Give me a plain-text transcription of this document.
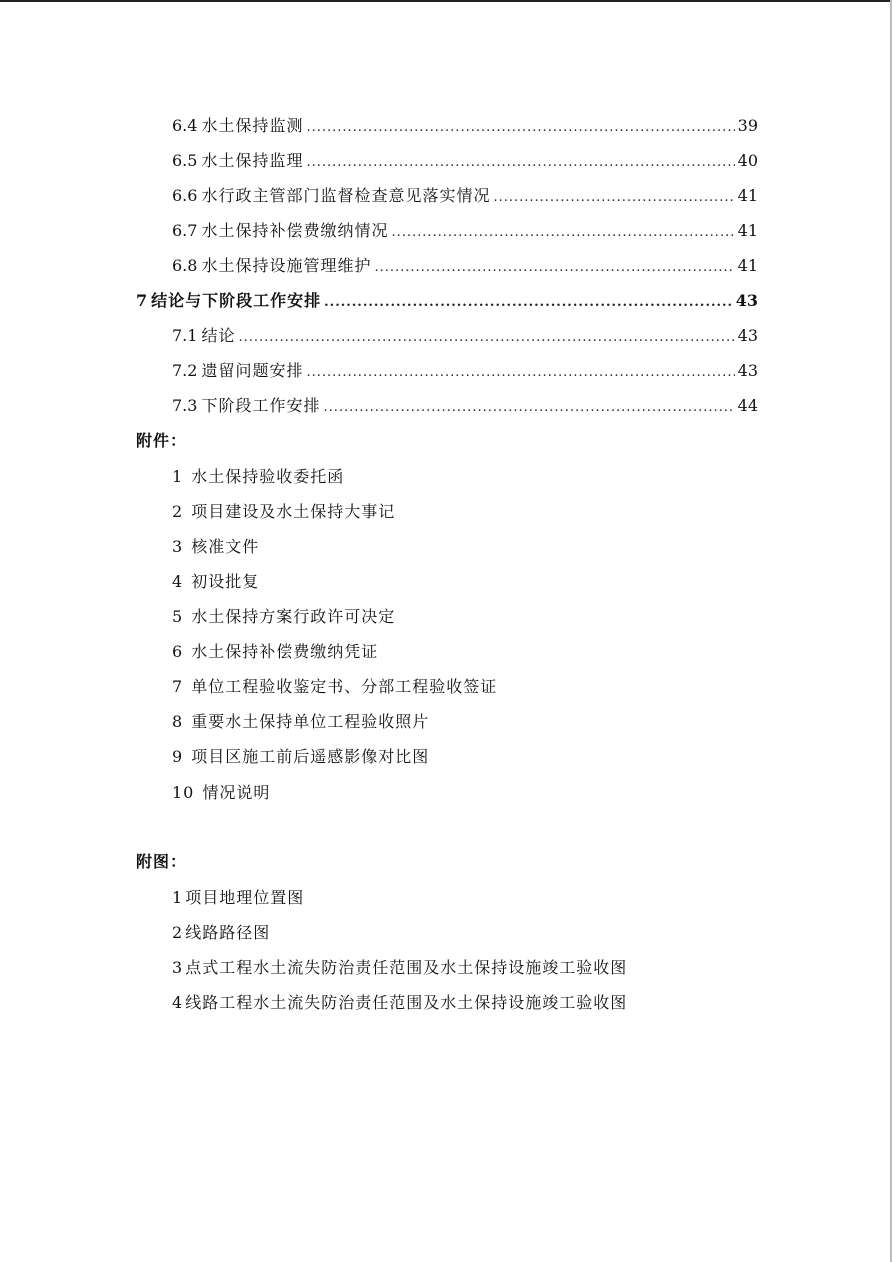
6.4 水土保持监测 .....	39
6.5 水土保持监理 .....	40
6.6 水行政主管部门监督检查意见落实情况 .....	41
6.7 水土保持补偿费缴纳情况 .....	41
6.8 水土保持设施管理维护 .....	41
7 结论与下阶段工作安排 .....	43
7.1 结论 .....	43
7.2 遗留问题安排 .....	43
7.3 下阶段工作安排 .....	44
附件：
1 水土保持验收委托函
2 项目建设及水土保持大事记
3 核准文件
4 初设批复
5 水土保持方案行政许可决定
6 水土保持补偿费缴纳凭证
7 单位工程验收鉴定书、分部工程验收签证
8 重要水土保持单位工程验收照片
9 项目区施工前后遥感影像对比图
10 情况说明
附图：
1 项目地理位置图
2 线路路径图
3 点式工程水土流失防治责任范围及水土保持设施竣工验收图
4 线路工程水土流失防治责任范围及水土保持设施竣工验收图
